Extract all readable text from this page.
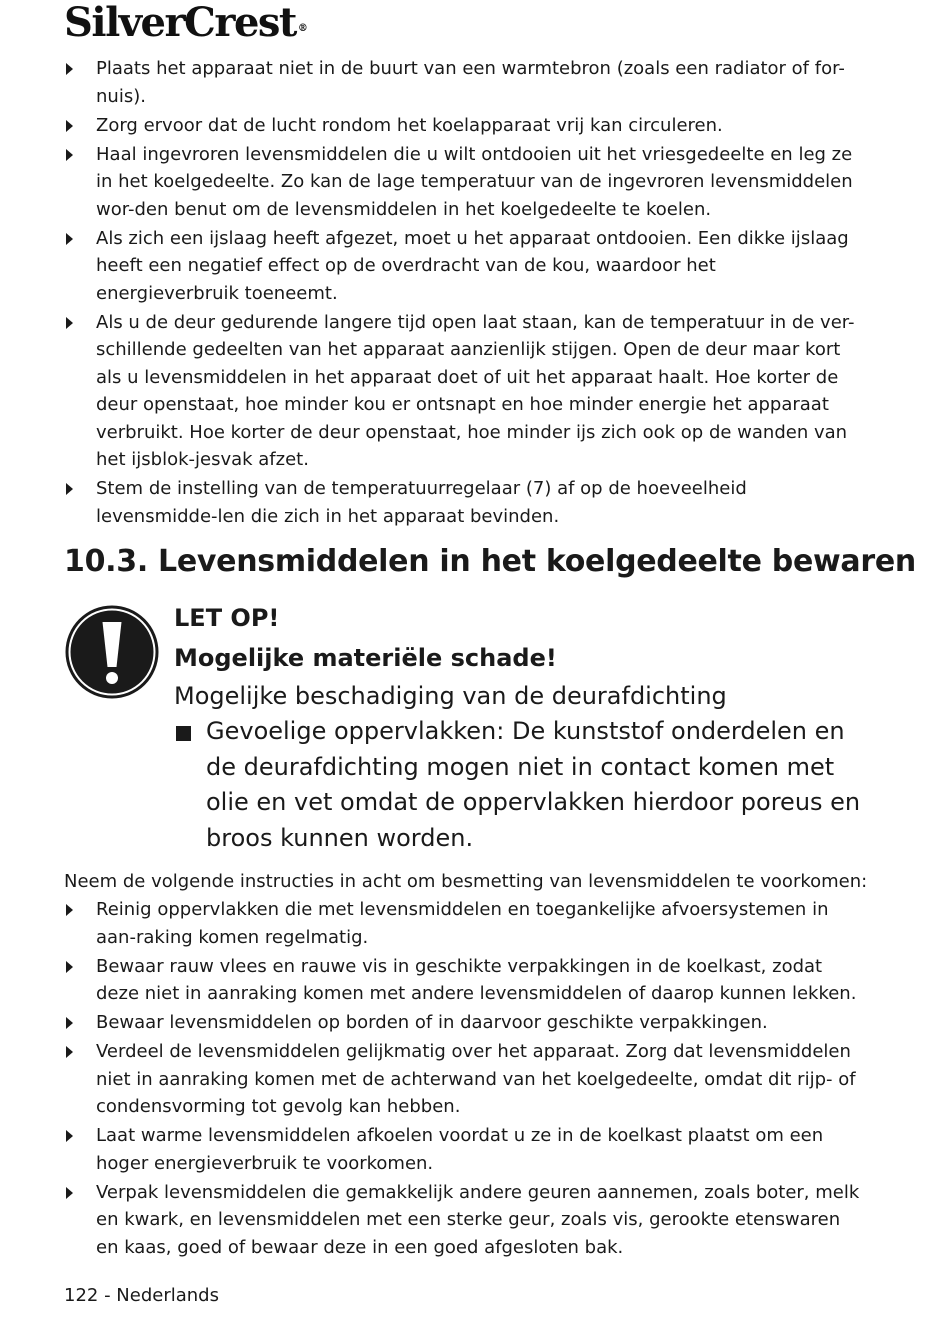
SilverCrest ®
Plaats het apparaat niet in de buurt van een warmtebron (zoals een radiator of for-nuis).
Zorg ervoor dat de lucht rondom het koelapparaat vrij kan circuleren.
Haal ingevroren levensmiddelen die u wilt ontdooien uit het vriesgedeelte en leg ze in het koelgedeelte. Zo kan de lage temperatuur van de ingevroren levensmiddelen wor-den benut om de levensmiddelen in het koelgedeelte te koelen.
Als zich een ijslaag heeft afgezet, moet u het apparaat ontdooien. Een dikke ijslaag heeft een negatief effect op de overdracht van de kou, waardoor het energieverbruik toeneemt.
Als u de deur gedurende langere tijd open laat staan, kan de temperatuur in de ver-schillende gedeelten van het apparaat aanzienlijk stijgen. Open de deur maar kort als u levensmiddelen in het apparaat doet of uit het apparaat haalt. Hoe korter de deur openstaat, hoe minder kou er ontsnapt en hoe minder energie het apparaat verbruikt. Hoe korter de deur openstaat, hoe minder ijs zich ook op de wanden van het ijsblok-jesvak afzet.
Stem de instelling van de temperatuurregelaar (7) af op de hoeveelheid levensmidde-len die zich in het apparaat bevinden.
10.3. Levensmiddelen in het koelgedeelte bewaren

LET OP!

Mogelijke materiële schade!

Mogelijke beschadiging van de deurafdichting

Gevoelige oppervlakken: De kunststof onderdelen en de deurafdichting mogen niet in contact komen met olie en vet omdat de oppervlakken hierdoor poreus en broos kunnen worden.

Neem de volgende instructies in acht om besmetting van levensmiddelen te voorkomen:

Reinig oppervlakken die met levensmiddelen en toegankelijke afvoersystemen in aan-raking komen regelmatig.
Bewaar rauw vlees en rauwe vis in geschikte verpakkingen in de koelkast, zodat deze niet in aanraking komen met andere levensmiddelen of daarop kunnen lekken.
Bewaar levensmiddelen op borden of in daarvoor geschikte verpakkingen.
Verdeel de levensmiddelen gelijkmatig over het apparaat. Zorg dat levensmiddelen niet in aanraking komen met de achterwand van het koelgedeelte, omdat dit rijp- of condensvorming tot gevolg kan hebben.
Laat warme levensmiddelen afkoelen voordat u ze in de koelkast plaatst om een hoger energieverbruik te voorkomen.
Verpak levensmiddelen die gemakkelijk andere geuren aannemen, zoals boter, melk en kwark, en levensmiddelen met een sterke geur, zoals vis, gerookte etenswaren en kaas, goed of bewaar deze in een goed afgesloten bak.
122 - Nederlands
